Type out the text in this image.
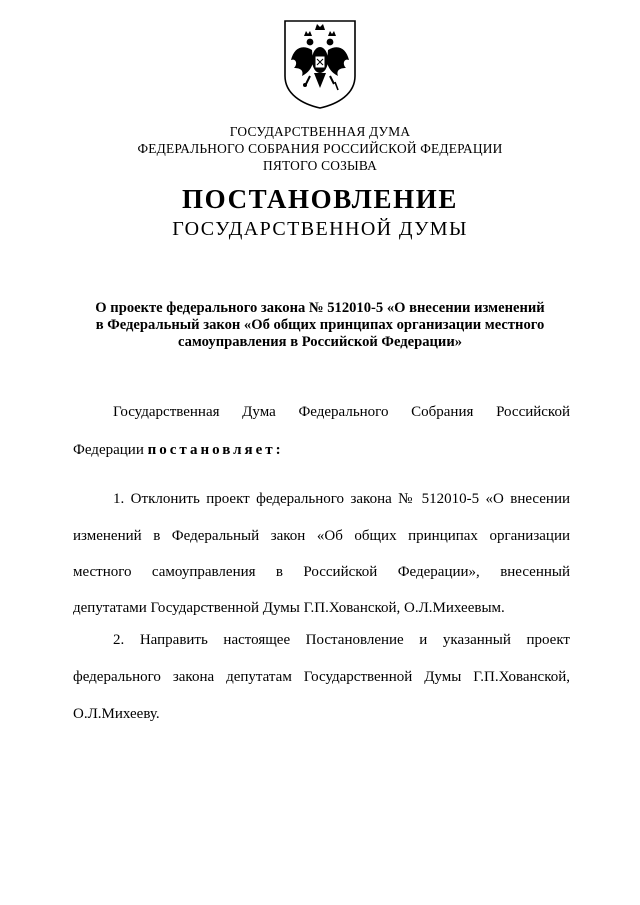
ГОСУДАРСТВЕННАЯ ДУМА
ФЕДЕРАЛЬНОГО СОБРАНИЯ РОССИЙСКОЙ ФЕДЕРАЦИИ
ПЯТОГО СОЗЫВА
ПОСТАНОВЛЕНИЕ
ГОСУДАРСТВЕННОЙ ДУМЫ
О проекте федерального закона № 512010-5 «О внесении изменений
в Федеральный закон «Об общих принципах организации местного
самоуправления в Российской Федерации»
Государственная Дума Федерального Собрания Российской
Федерации постановляет:
1. Отклонить проект федерального закона № 512010-5 «О внесении
изменений в Федеральный закон «Об общих принципах организации
местного самоуправления в Российской Федерации», внесенный
депутатами Государственной Думы Г.П.Хованской, О.Л.Михеевым.
2. Направить настоящее Постановление и указанный проект
федерального закона депутатам Государственной Думы Г.П.Хованской,
О.Л.Михееву.
